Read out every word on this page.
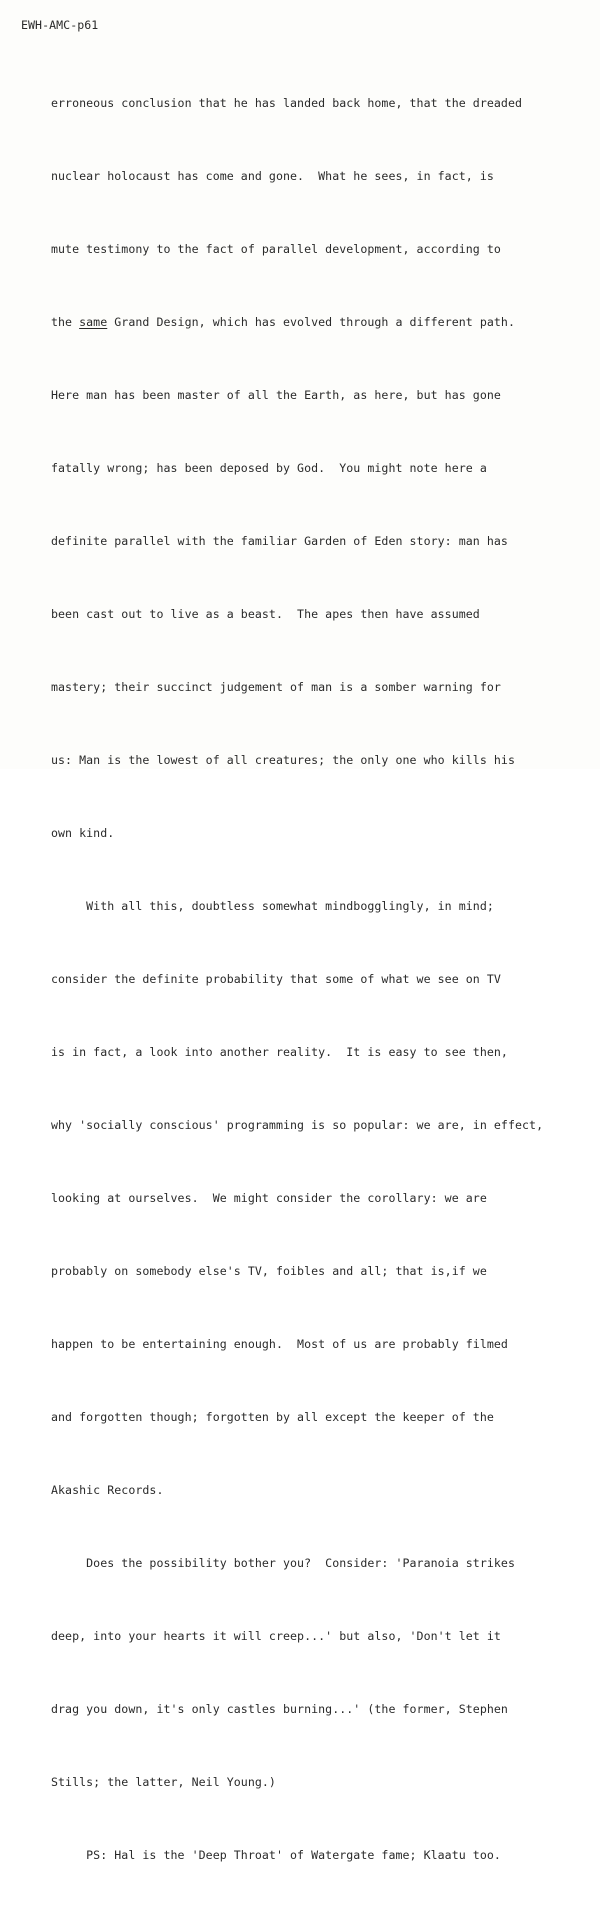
EWH-AMC-p61

erroneous conclusion that he has landed back home, that the dreaded

nuclear holocaust has come and gone.  What he sees, in fact, is

mute testimony to the fact of parallel development, according to

the same Grand Design, which has evolved through a different path.

Here man has been master of all the Earth, as here, but has gone

fatally wrong; has been deposed by God.  You might note here a

definite parallel with the familiar Garden of Eden story: man has

been cast out to live as a beast.  The apes then have assumed

mastery; their succinct judgement of man is a somber warning for

us: Man is the lowest of all creatures; the only one who kills his

own kind.

With all this, doubtless somewhat mindbogglingly, in mind;

consider the definite probability that some of what we see on TV

is in fact, a look into another reality.  It is easy to see then,

why 'socially conscious' programming is so popular: we are, in effect,

looking at ourselves.  We might consider the corollary: we are

probably on somebody else's TV, foibles and all; that is,if we

happen to be entertaining enough.  Most of us are probably filmed

and forgotten though; forgotten by all except the keeper of the

Akashic Records.

Does the possibility bother you?  Consider: 'Paranoia strikes

deep, into your hearts it will creep...' but also, 'Don't let it

drag you down, it's only castles burning...' (the former, Stephen

Stills; the latter, Neil Young.)

PS: Hal is the 'Deep Throat' of Watergate fame; Klaatu too.
